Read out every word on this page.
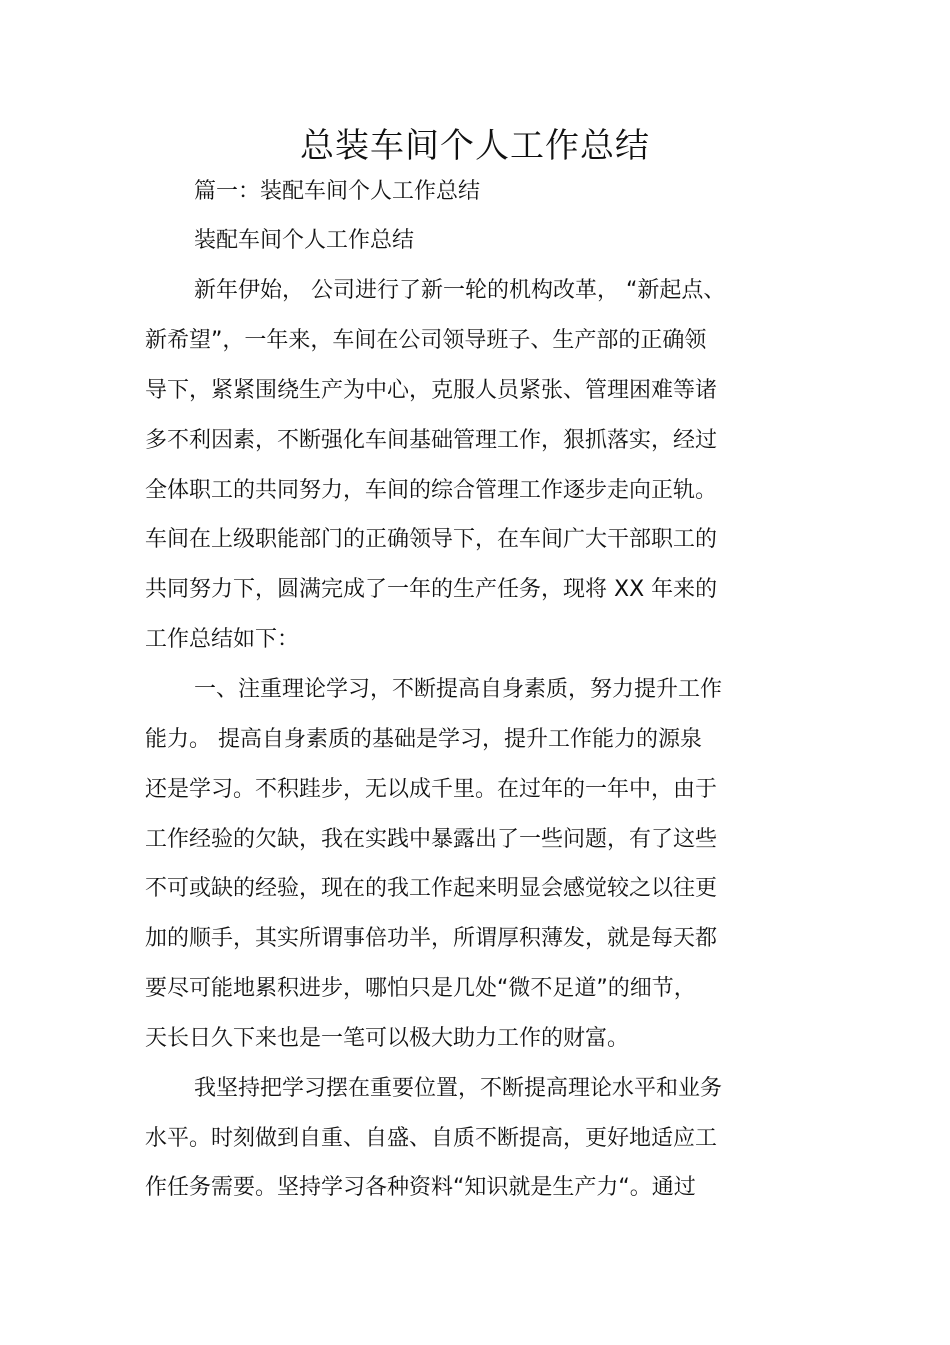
总装车间个人工作总结
篇一：装配车间个人工作总结
装配车间个人工作总结
新年伊始， 公司进行了新一轮的机构改革， “新起点、
新希望”，一年来，车间在公司领导班子、生产部的正确领
导下，紧紧围绕生产为中心，克服人员紧张、管理困难等诸
多不利因素，不断强化车间基础管理工作，狠抓落实，经过
全体职工的共同努力，车间的综合管理工作逐步走向正轨。
车间在上级职能部门的正确领导下，在车间广大干部职工的
共同努力下，圆满完成了一年的生产任务，现将 XX 年来的
工作总结如下：
一、注重理论学习，不断提高自身素质，努力提升工作
能力。 提高自身素质的基础是学习，提升工作能力的源泉
还是学习。不积跬步，无以成千里。在过年的一年中，由于
工作经验的欠缺，我在实践中暴露出了一些问题，有了这些
不可或缺的经验，现在的我工作起来明显会感觉较之以往更
加的顺手，其实所谓事倍功半，所谓厚积薄发，就是每天都
要尽可能地累积进步，哪怕只是几处“微不足道”的细节，
天长日久下来也是一笔可以极大助力工作的财富。
我坚持把学习摆在重要位置，不断提高理论水平和业务
水平。时刻做到自重、自盛、自质不断提高，更好地适应工
作任务需要。坚持学习各种资料“知识就是生产力“。通过
